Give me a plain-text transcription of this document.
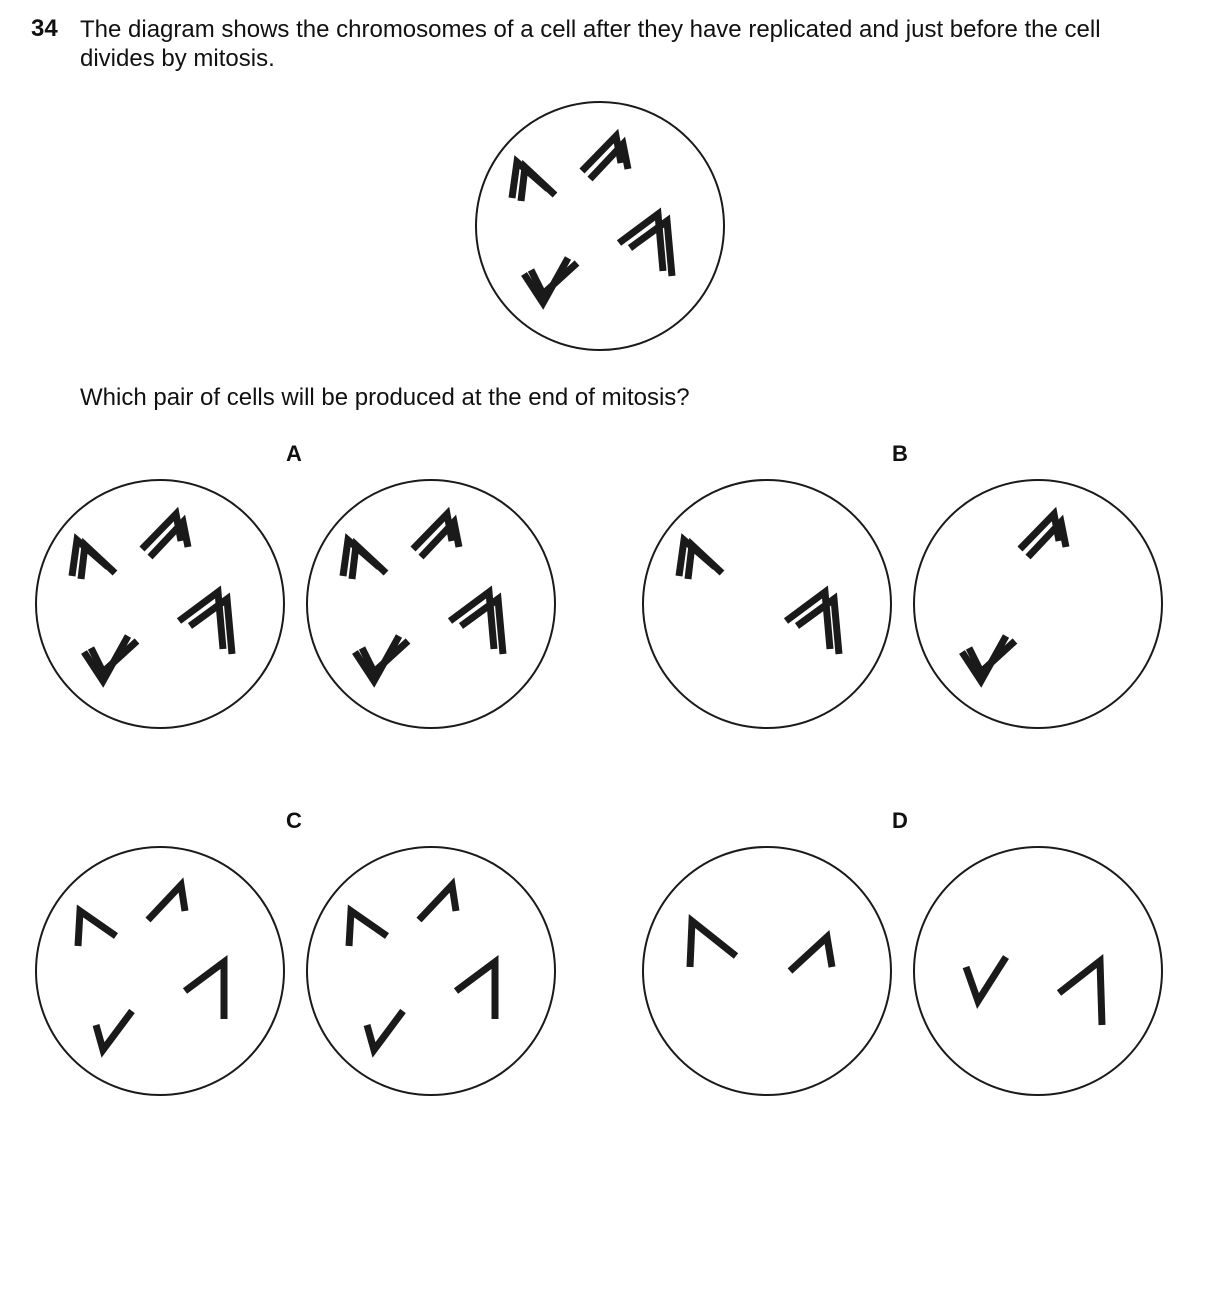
34 The diagram shows the chromosomes of a cell after they have replicated and just before the cell
divides by mitosis.
Which pair of cells will be produced at the end of mitosis?
A	B
C	D
